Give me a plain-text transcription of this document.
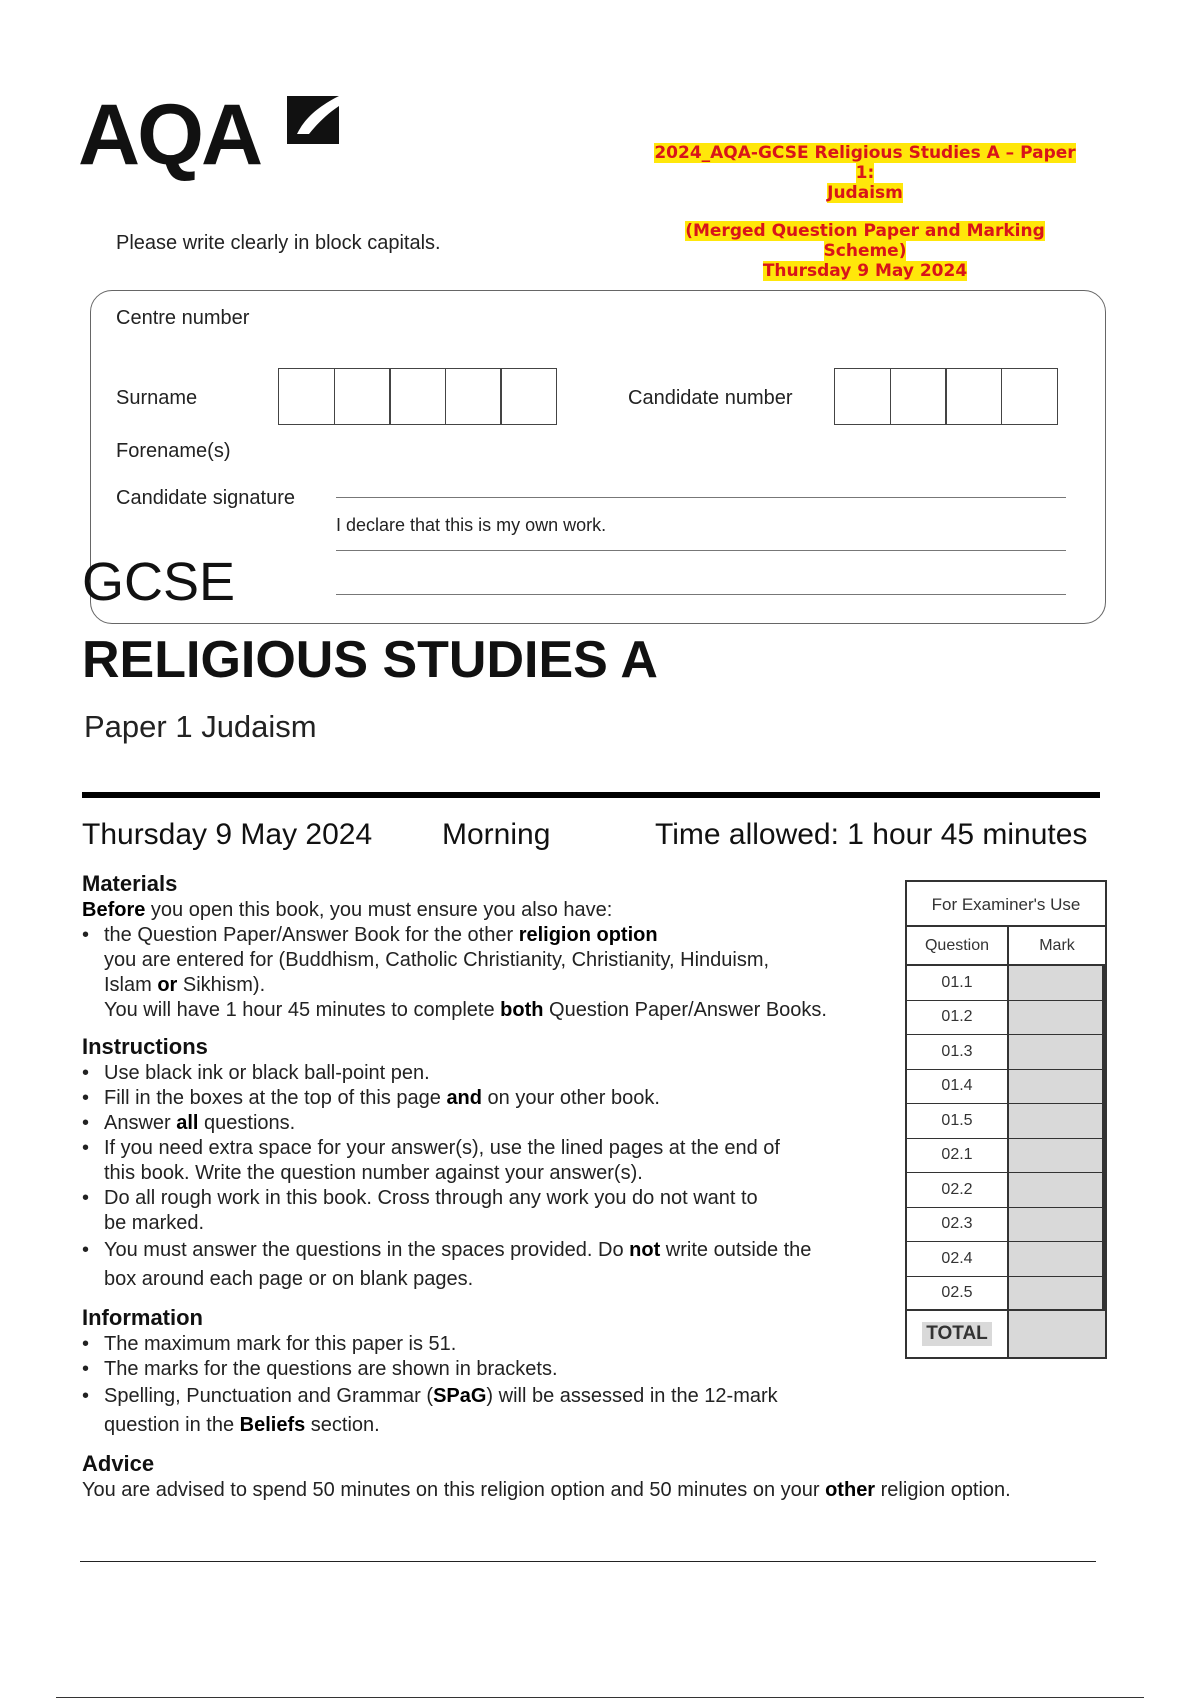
AQA	2024_AQA-GCSE Religious Studies A – Paper 1:
Judaism
(Merged Question Paper and Marking Scheme)
Thursday 9 May 2024
Please write clearly in block capitals.
Centre number
Surname
Forename(s)
Candidate signature
Candidate number
I declare that this is my own work.
GCSE
RELIGIOUS STUDIES A
Paper 1 Judaism
Thursday 9 May 2024 Morning	Time allowed: 1 hour 45 minutes
Materials

Before you open this book, you must ensure you also have:

• the Question Paper/Answer Book for the other religion option
you are entered for (Buddhism, Catholic Christianity, Christianity, Hinduism,
Islam or Sikhism).
You will have 1 hour 45 minutes to complete both Question Paper/Answer Books.
Instructions
• Use black ink or black ball-point pen.
• Fill in the boxes at the top of this page and on your other book.
• Answer all questions.
• If you need extra space for your answer(s), use the lined pages at the end of
this book. Write the question number against your answer(s).
• Do all rough work in this book. Cross through any work you do not want to
be marked.
• You must answer the questions in the spaces provided. Do not write outside the
box around each page or on blank pages.
Information
• The maximum mark for this paper is 51.
• The marks for the questions are shown in brackets.
• Spelling, Punctuation and Grammar (SPaG) will be assessed in the 12-mark
question in the Beliefs section.
Advice

You are advised to spend 50 minutes on this religion option and 50 minutes on your other religion option.

For Examiner's Use
Question	Mark
01.1
01.2
01.3
01.4
01.5
02.1
02.2
02.3
02.4
02.5
TOTAL
